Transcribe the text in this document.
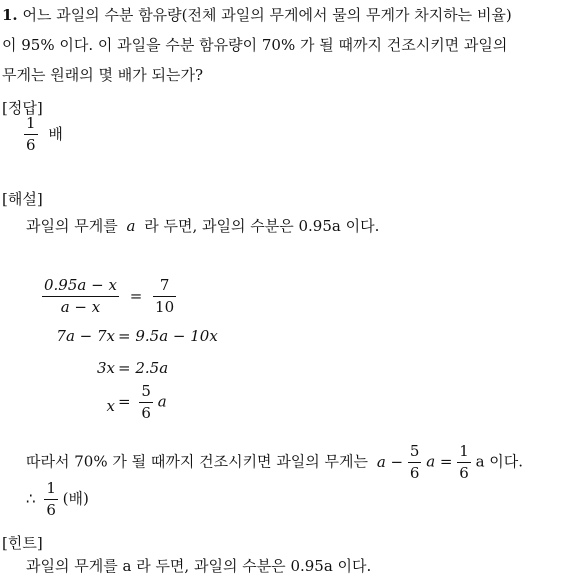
1. 어느 과일의 수분 함유량(전체 과일의 무게에서 물의 무게가 차지하는 비율)
이 95% 이다. 이 과일을 수분 함유량이 70% 가 될 때까지 건조시키면 과일의
무게는 원래의 몇 배가 되는가?
[정답]
$\frac{1}{6}$ 배
[해설]
과일의 무게를 a 라 두면, 과일의 수분은 0.95a 이다.
$\frac{0.95a - x}{a - x} = \frac{7}{10}$
7a − 7x = 9.5a − 10x
3x = 2.5a
$x = \frac{5}{6}$ a
따라서 70% 가 될 때까지 건조시키면 과일의 무게는 $a - \frac{5}{6}$ $a = \frac{1}{6}$ a 이다.
∴ $\frac{1}{6}$ (배)
[힌트]
과일의 무게를 a 라 두면, 과일의 수분은 0.95a 이다.
